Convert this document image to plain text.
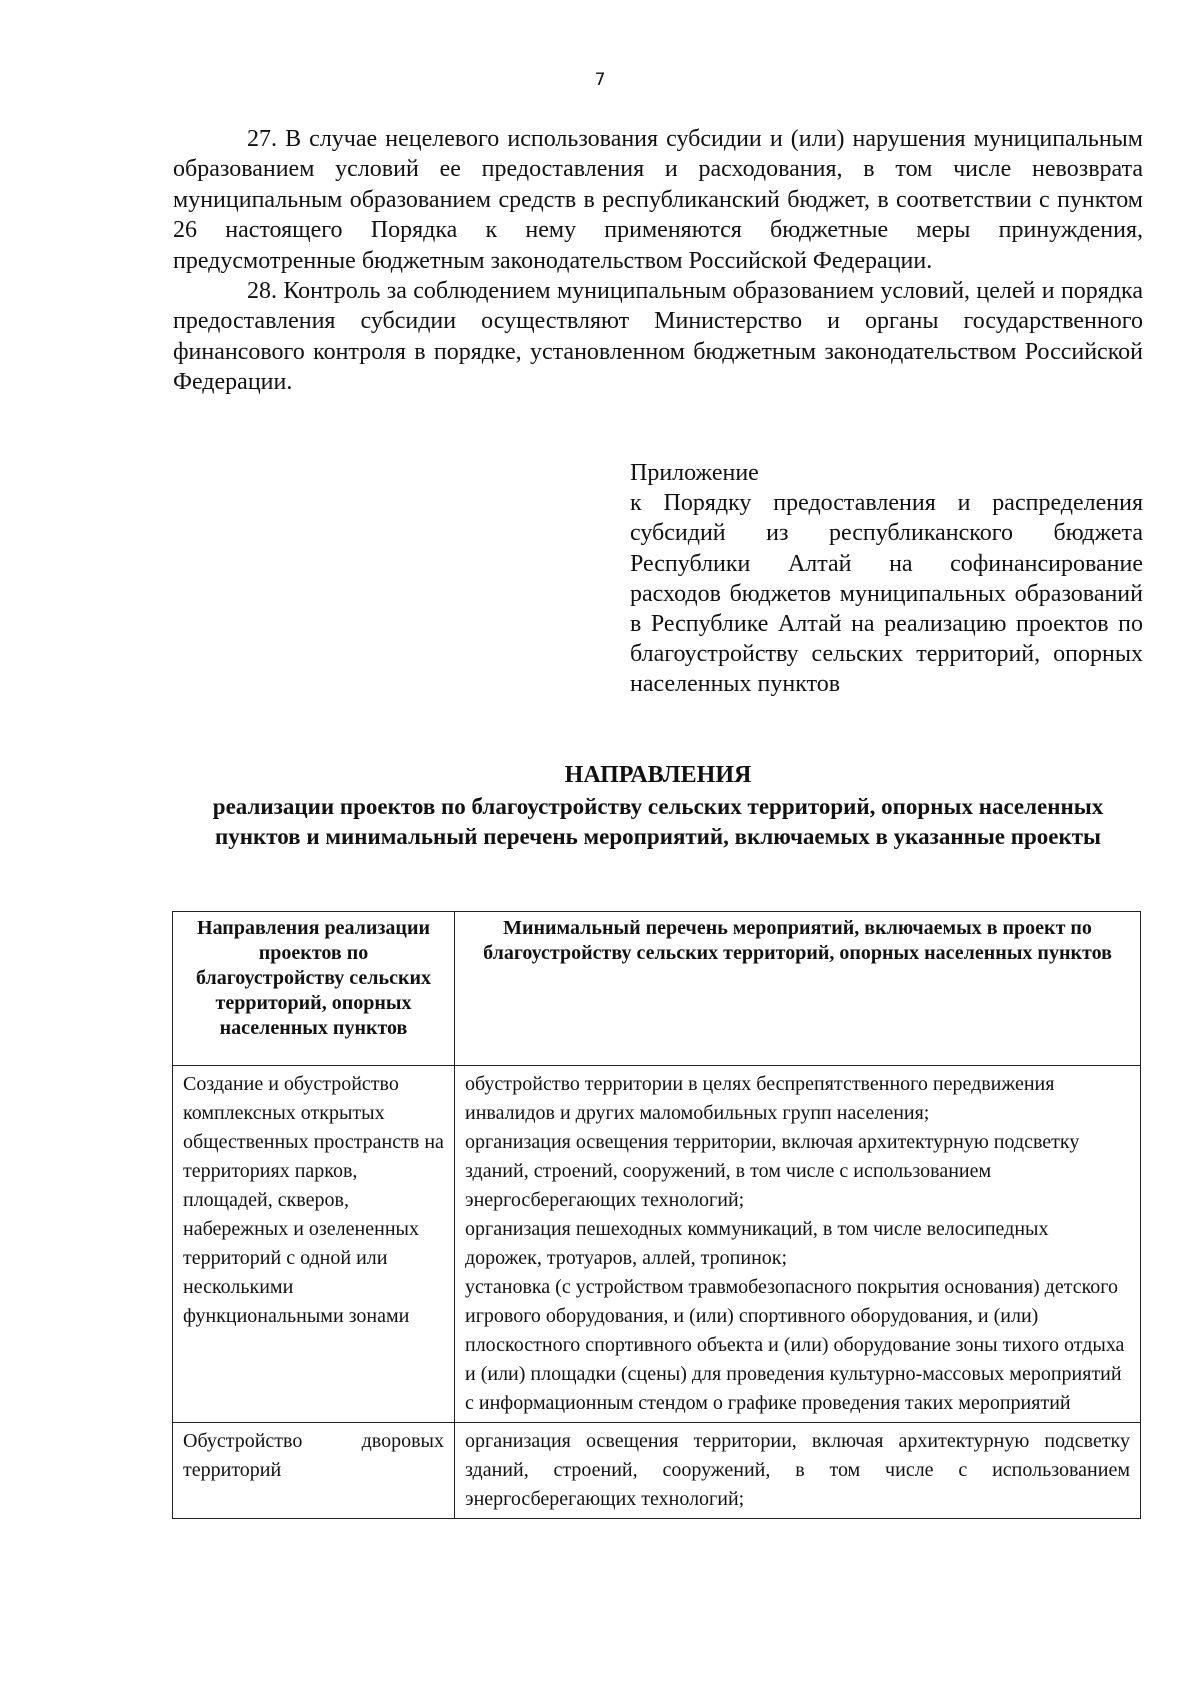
7

27. В случае нецелевого использования субсидии и (или) нарушения муниципальным образованием условий ее предоставления и расходования, в том числе невозврата муниципальным образованием средств в республиканский бюджет, в соответствии с пунктом 26 настоящего Порядка к нему применяются бюджетные меры принуждения, предусмотренные бюджетным законодательством Российской Федерации.

28. Контроль за соблюдением муниципальным образованием условий, целей и порядка предоставления субсидии осуществляют Министерство и органы государственного финансового контроля в порядке, установленном бюджетным законодательством Российской Федерации.

Приложение

к Порядку предоставления и распределения субсидий из республиканского бюджета Республики Алтай на софинансирование расходов бюджетов муниципальных образований в Республике Алтай на реализацию проектов по благоустройству сельских территорий, опорных населенных пунктов

НАПРАВЛЕНИЯ
реализации проектов по благоустройству сельских территорий, опорных населенных пунктов и минимальный перечень мероприятий, включаемых в указанные проекты
Направления реализации проектов по благоустройству сельских территорий, опорных населенных пунктов	Минимальный перечень мероприятий, включаемых в проект по благоустройству сельских территорий, опорных населенных пунктов
Создание и обустройство комплексных открытых общественных пространств на территориях парков, площадей, скверов, набережных и озелененных территорий с одной или несколькими функциональными зонами	обустройство территории в целях беспрепятственного передвижения инвалидов и других маломобильных групп населения;
организация освещения территории, включая архитектурную подсветку зданий, строений, сооружений, в том числе с использованием энергосберегающих технологий;
организация пешеходных коммуникаций, в том числе велосипедных дорожек, тротуаров, аллей, тропинок;
установка (с устройством травмобезопасного покрытия основания) детского игрового оборудования, и (или) спортивного оборудования, и (или) плоскостного спортивного объекта и (или) оборудование зоны тихого отдыха и (или) площадки (сцены) для проведения культурно-массовых мероприятий с информационным стендом о графике проведения таких мероприятий

Обустройство дворовых территорий	организация освещения территории, включая архитектурную подсветку зданий, строений, сооружений, в том числе с использованием энергосберегающих технологий;
